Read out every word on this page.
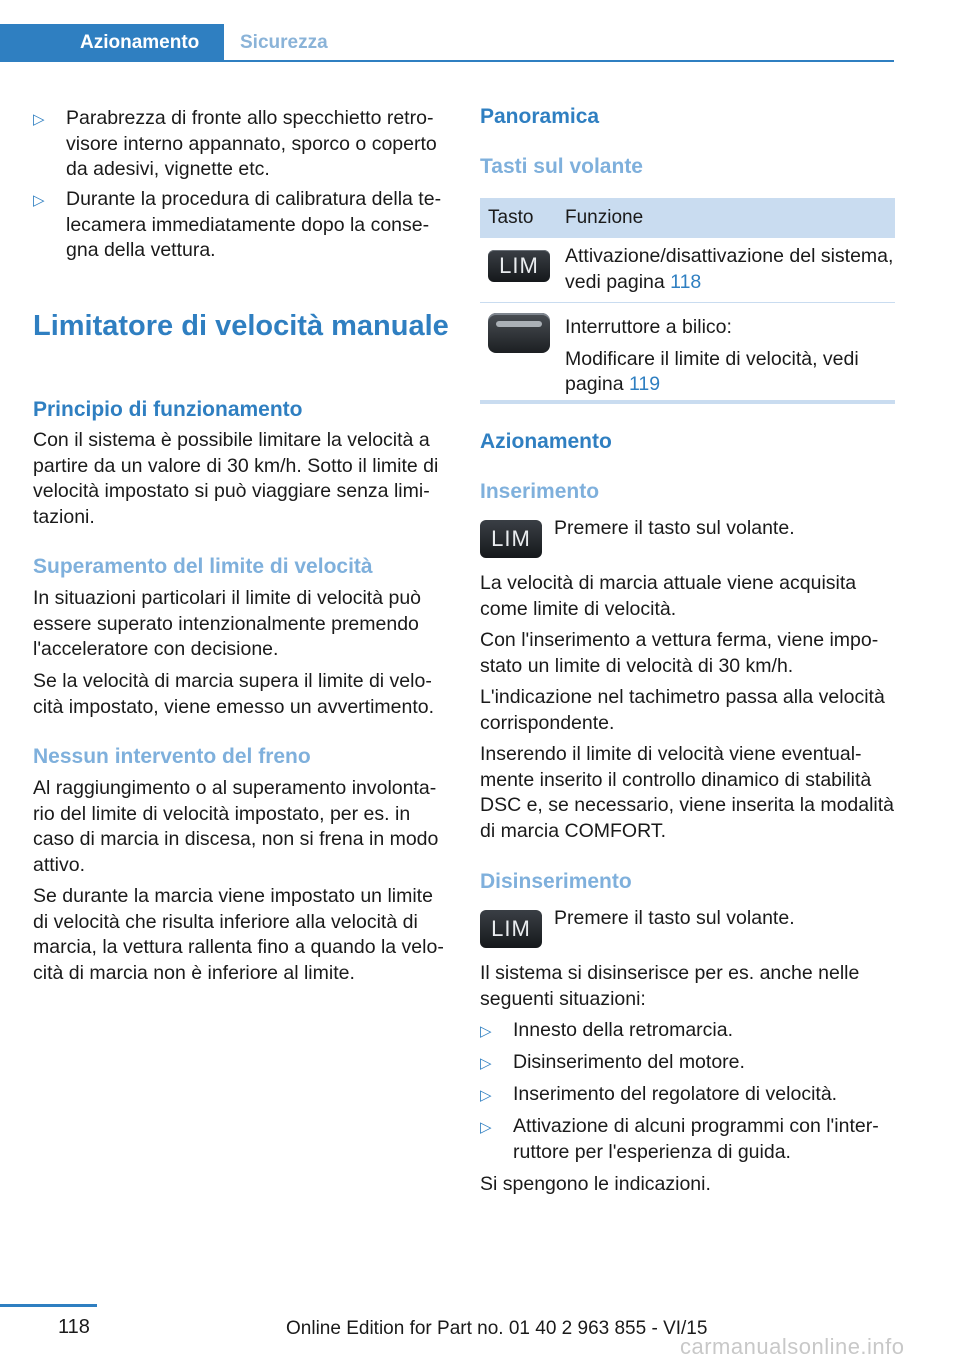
Azionamento	Sicurezza
▷ Parabrezza di fronte allo specchietto retrovisore interno appannato, sporco o coperto da adesivi, vignette etc.

▷ Durante la procedura di calibratura della telecamera immediatamente dopo la consegna della vettura.

Limitatore di velocità manuale
Principio di funzionamento

Con il sistema è possibile limitare la velocità a partire da un valore di 30 km/h. Sotto il limite di velocità impostato si può viaggiare senza limitazioni.

Superamento del limite di velocità

In situazioni particolari il limite di velocità può essere superato intenzionalmente premendo l'acceleratore con decisione.

Se la velocità di marcia supera il limite di velocità impostato, viene emesso un avvertimento.

Nessun intervento del freno

Al raggiungimento o al superamento involontario del limite di velocità impostato, per es. in caso di marcia in discesa, non si frena in modo attivo.

Se durante la marcia viene impostato un limite di velocità che risulta inferiore alla velocità di marcia, la vettura rallenta fino a quando la velocità di marcia non è inferiore al limite.

Panoramica
Tasti sul volante
Tasto Funzione
LIM	Attivazione/disattivazione del sistema, vedi pagina 118

Interruttore a bilico:

Modificare il limite di velocità, vedi pagina 119

Azionamento
Inserimento
LIM	Premere il tasto sul volante.

La velocità di marcia attuale viene acquisita come limite di velocità.

Con l'inserimento a vettura ferma, viene impostato un limite di velocità di 30 km/h.

L'indicazione nel tachimetro passa alla velocità corrispondente.

Inserendo il limite di velocità viene eventualmente inserito il controllo dinamico di stabilità DSC e, se necessario, viene inserita la modalità di marcia COMFORT.

Disinserimento
LIM	Premere il tasto sul volante.

Il sistema si disinserisce per es. anche nelle seguenti situazioni:

▷ Innesto della retromarcia.

▷ Disinserimento del motore.

▷ Inserimento del regolatore di velocità.

▷ Attivazione di alcuni programmi con l'interruttore per l'esperienza di guida.

Si spengono le indicazioni.

118	Online Edition for Part no. 01 40 2 963 855 - VI/15
carmanualsonline.info
